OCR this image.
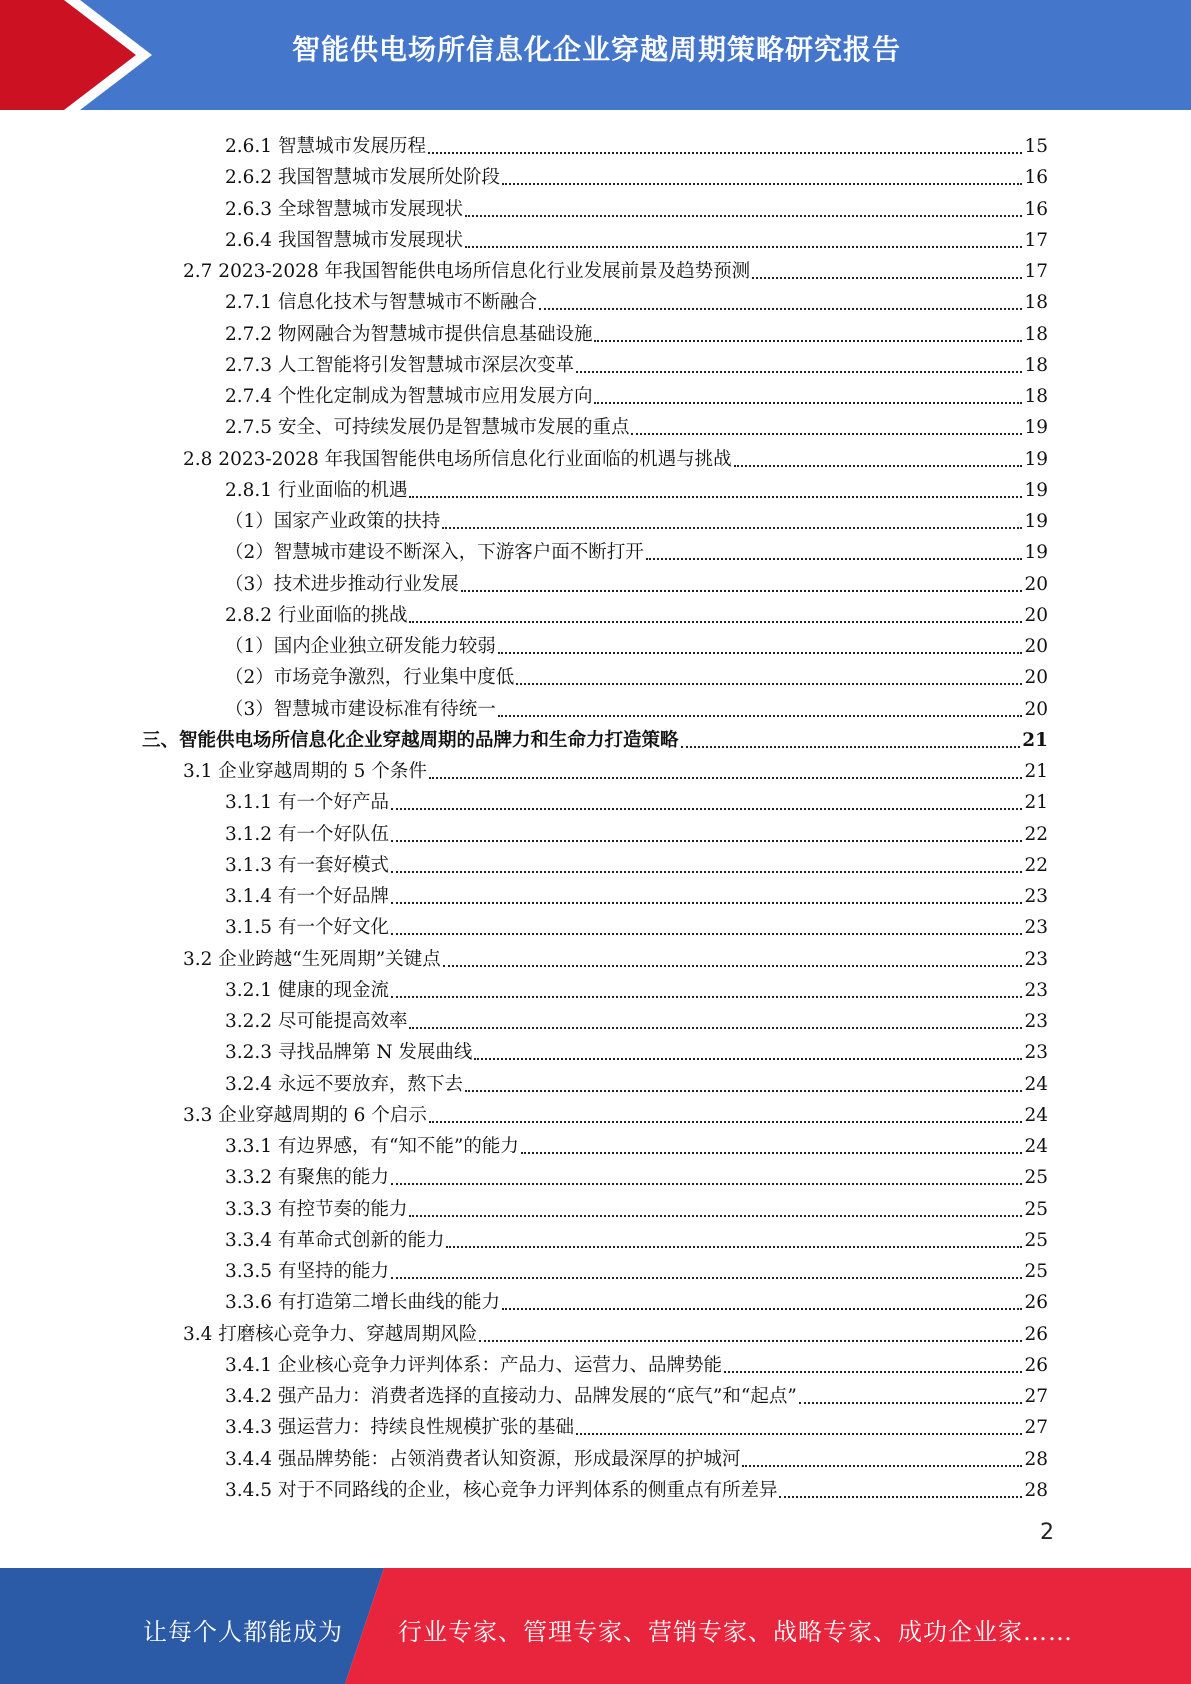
智能供电场所信息化企业穿越周期策略研究报告
2.6.1 智慧城市发展历程	15
2.6.2 我国智慧城市发展所处阶段	16
2.6.3 全球智慧城市发展现状	16
2.6.4 我国智慧城市发展现状	17
2.7 2023-2028 年我国智能供电场所信息化行业发展前景及趋势预测	17
2.7.1 信息化技术与智慧城市不断融合	18
2.7.2 物网融合为智慧城市提供信息基础设施	18
2.7.3 人工智能将引发智慧城市深层次变革	18
2.7.4 个性化定制成为智慧城市应用发展方向	18
2.7.5 安全、可持续发展仍是智慧城市发展的重点	19
2.8 2023-2028 年我国智能供电场所信息化行业面临的机遇与挑战	19
2.8.1 行业面临的机遇	19
（1）国家产业政策的扶持	19
（2）智慧城市建设不断深入，下游客户面不断打开	19
（3）技术进步推动行业发展	20
2.8.2 行业面临的挑战	20
（1）国内企业独立研发能力较弱	20
（2）市场竞争激烈，行业集中度低	20
（3）智慧城市建设标准有待统一	20
三、智能供电场所信息化企业穿越周期的品牌力和生命力打造策略	21
3.1 企业穿越周期的 5 个条件	21
3.1.1 有一个好产品	21
3.1.2 有一个好队伍	22
3.1.3 有一套好模式	22
3.1.4 有一个好品牌	23
3.1.5 有一个好文化	23
3.2 企业跨越“生死周期”关键点	23
3.2.1 健康的现金流	23
3.2.2 尽可能提高效率	23
3.2.3 寻找品牌第 N 发展曲线	23
3.2.4 永远不要放弃，熬下去	24
3.3 企业穿越周期的 6 个启示	24
3.3.1 有边界感，有“知不能”的能力	24
3.3.2 有聚焦的能力	25
3.3.3 有控节奏的能力	25
3.3.4 有革命式创新的能力	25
3.3.5 有坚持的能力	25
3.3.6 有打造第二增长曲线的能力	26
3.4 打磨核心竞争力、穿越周期风险	26
3.4.1 企业核心竞争力评判体系：产品力、运营力、品牌势能	26
3.4.2 强产品力：消费者选择的直接动力、品牌发展的“底气”和“起点”	27
3.4.3 强运营力：持续良性规模扩张的基础	27
3.4.4 强品牌势能：占领消费者认知资源，形成最深厚的护城河	28
3.4.5 对于不同路线的企业，核心竞争力评判体系的侧重点有所差异	28
2
让每个人都能成为 行业专家、管理专家、营销专家、战略专家、成功企业家……
